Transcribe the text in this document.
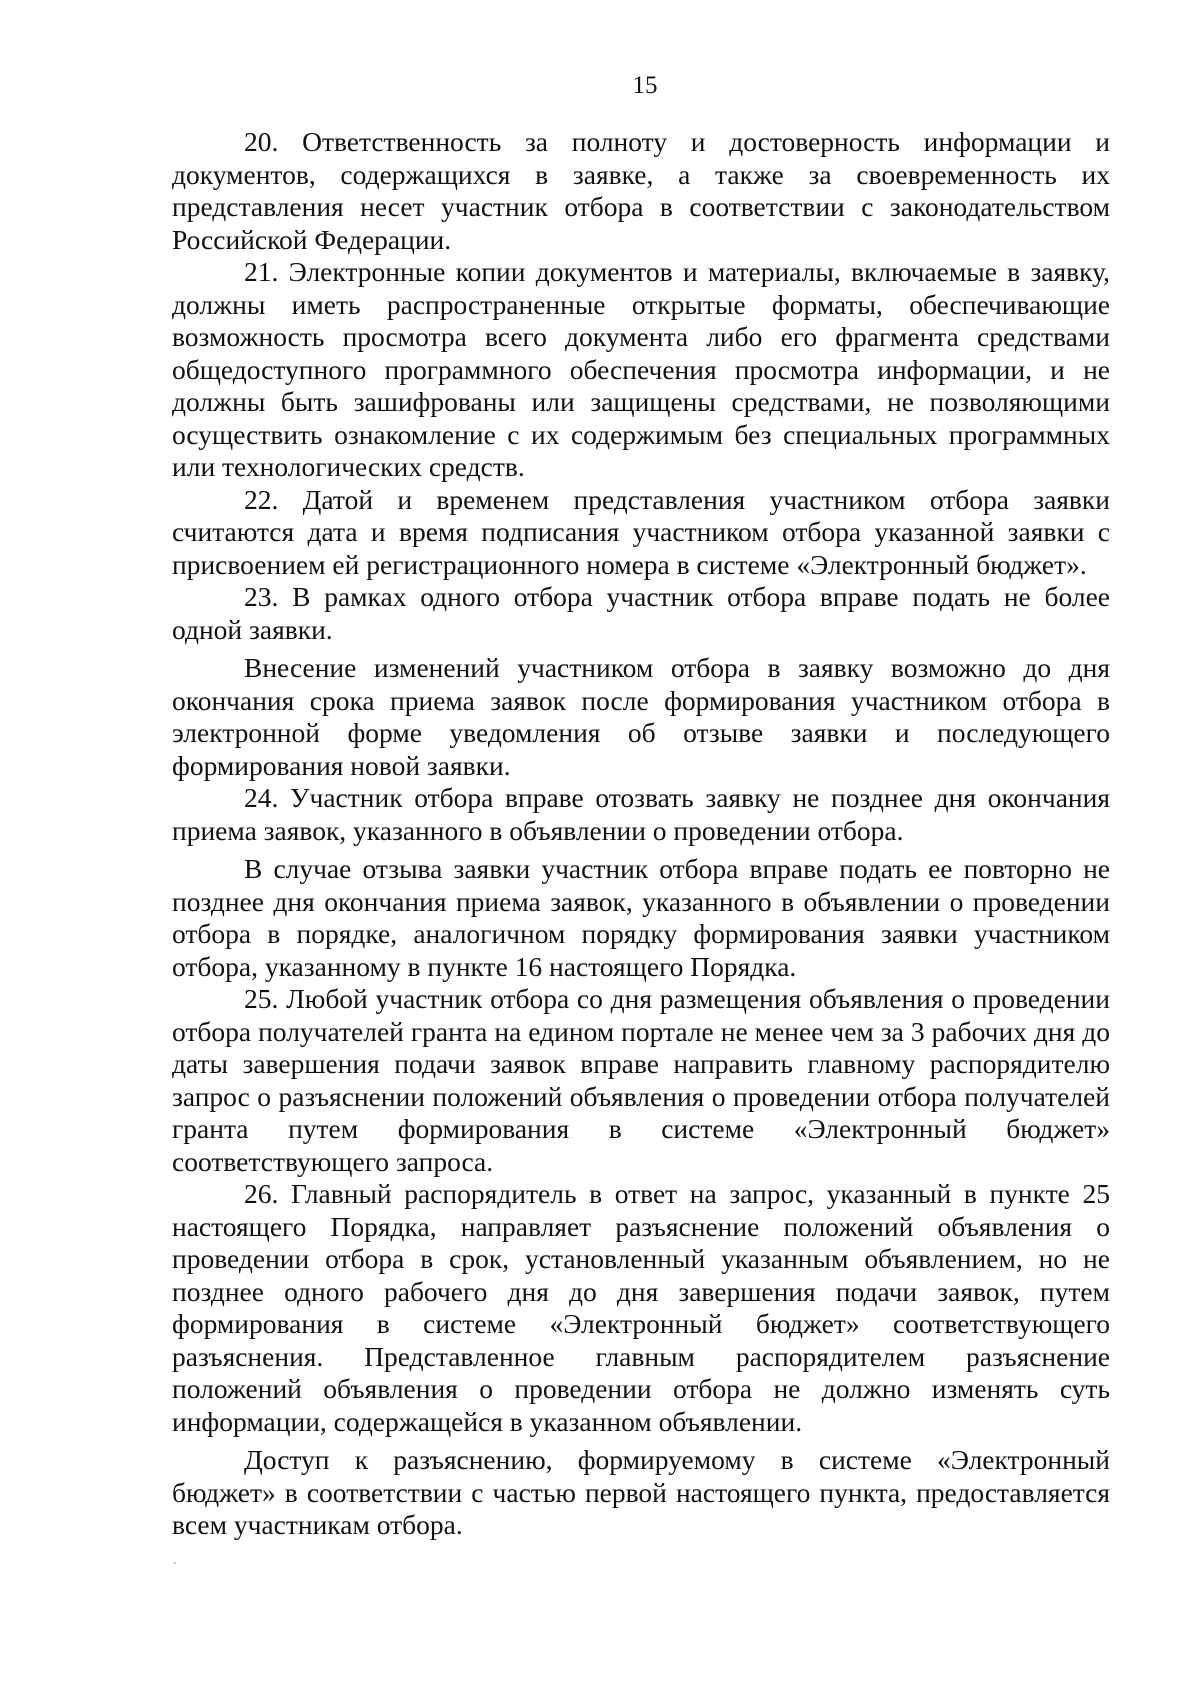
15

20. Ответственность за полноту и достоверность информации и документов, содержащихся в заявке, а также за своевременность их представления несет участник отбора в соответствии с законодательством Российской Федерации.

21. Электронные копии документов и материалы, включаемые в заявку, должны иметь распространенные открытые форматы, обеспечивающие возможность просмотра всего документа либо его фрагмента средствами общедоступного программного обеспечения просмотра информации, и не должны быть зашифрованы или защищены средствами, не позволяющими осуществить ознакомление с их содержимым без специальных программных или технологических средств.

22. Датой и временем представления участником отбора заявки считаются дата и время подписания участником отбора указанной заявки с присвоением ей регистрационного номера в системе «Электронный бюджет».

23. В рамках одного отбора участник отбора вправе подать не более одной заявки.

Внесение изменений участником отбора в заявку возможно до дня окончания срока приема заявок после формирования участником отбора в электронной форме уведомления об отзыве заявки и последующего формирования новой заявки.

24. Участник отбора вправе отозвать заявку не позднее дня окончания приема заявок, указанного в объявлении о проведении отбора.

В случае отзыва заявки участник отбора вправе подать ее повторно не позднее дня окончания приема заявок, указанного в объявлении о проведении отбора в порядке, аналогичном порядку формирования заявки участником отбора, указанному в пункте 16 настоящего Порядка.

25. Любой участник отбора со дня размещения объявления о проведении отбора получателей гранта на едином портале не менее чем за 3 рабочих дня до даты завершения подачи заявок вправе направить главному распорядителю запрос о разъяснении положений объявления о проведении отбора получателей гранта путем формирования в системе «Электронный бюджет» соответствующего запроса.

26. Главный распорядитель в ответ на запрос, указанный в пункте 25 настоящего Порядка, направляет разъяснение положений объявления о проведении отбора в срок, установленный указанным объявлением, но не позднее одного рабочего дня до дня завершения подачи заявок, путем формирования в системе «Электронный бюджет» соответствующего разъяснения. Представленное главным распорядителем разъяснение положений объявления о проведении отбора не должно изменять суть информации, содержащейся в указанном объявлении.

Доступ к разъяснению, формируемому в системе «Электронный бюджет» в соответствии с частью первой настоящего пункта, предоставляется всем участникам отбора.
